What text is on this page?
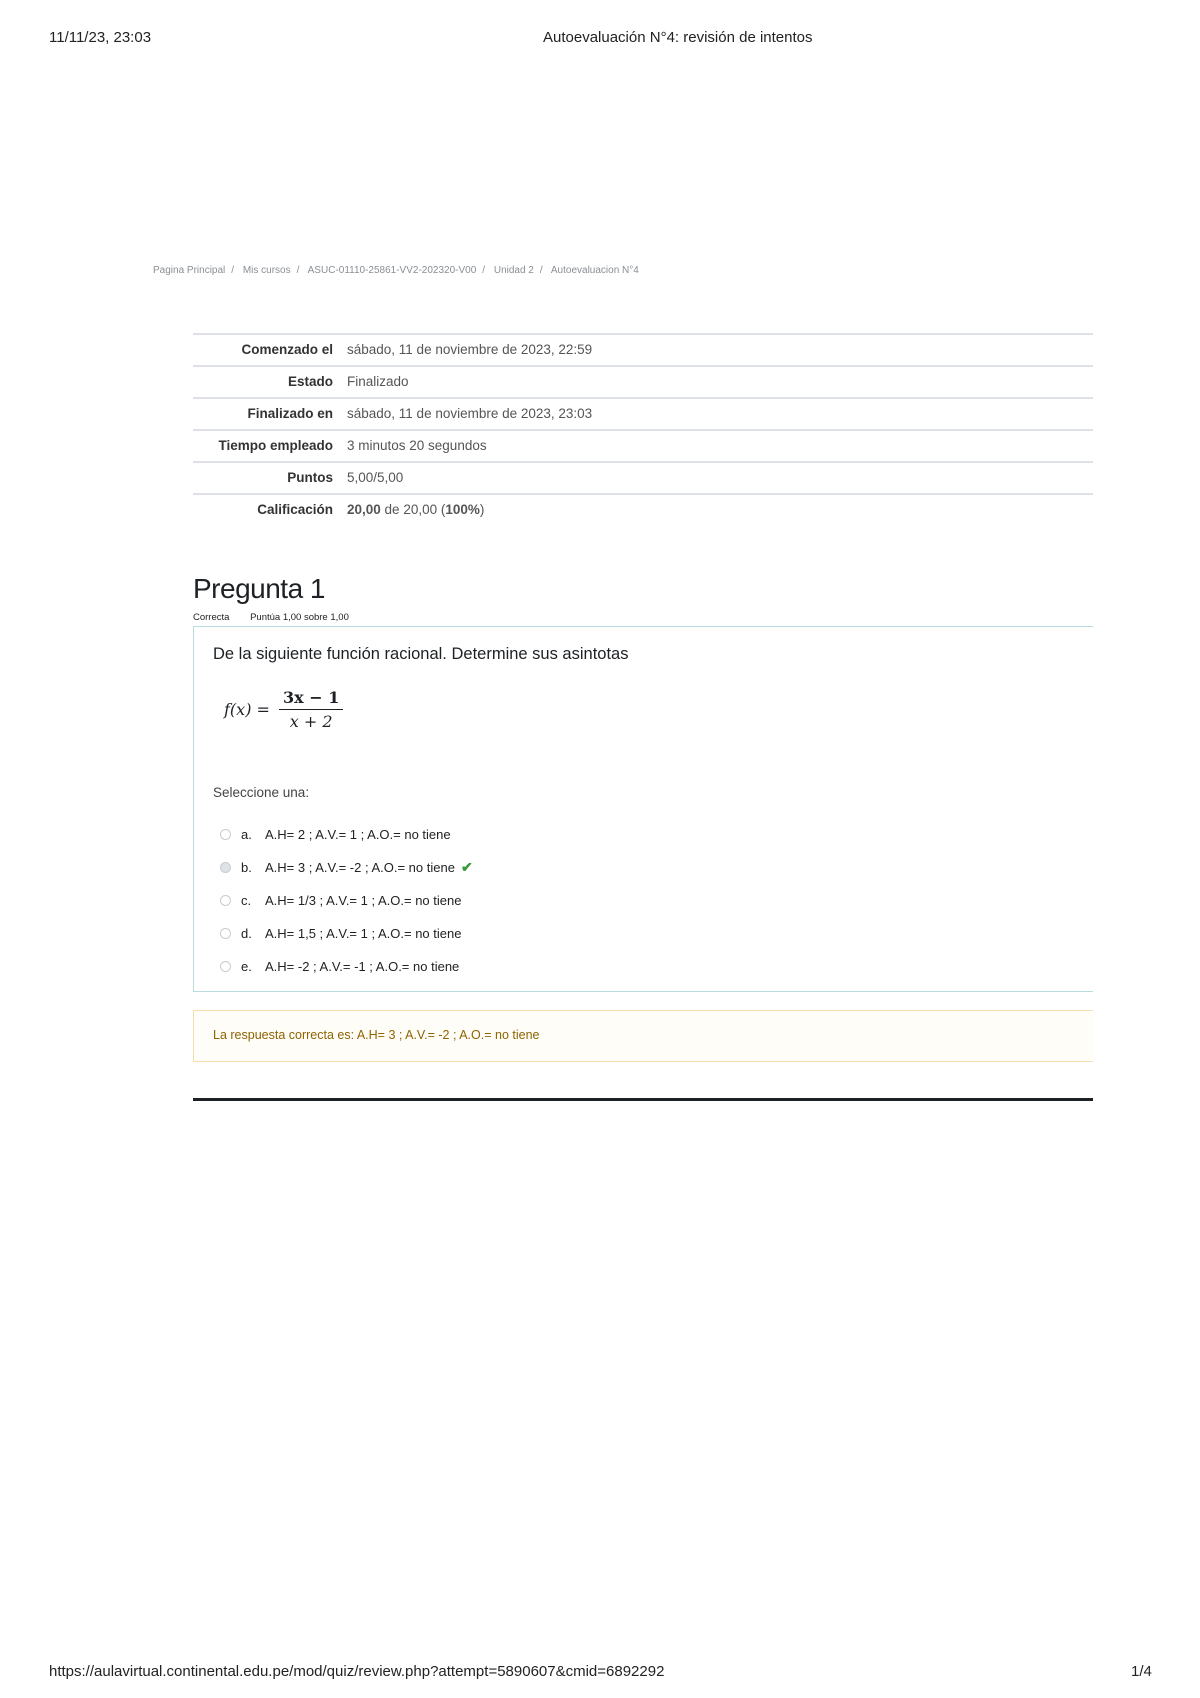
11/11/23, 23:03	Autoevaluación N°4: revisión de intentos
Pagina Principal / Mis cursos / ASUC-01110-25861-VV2-202320-V00 / Unidad 2 / Autoevaluacion N°4
Comenzado el	sábado, 11 de noviembre de 2023, 22:59
Estado	Finalizado
Finalizado en	sábado, 11 de noviembre de 2023, 23:03
Tiempo empleado	3 minutos 20 segundos
Puntos	5,00/5,00
Calificación	20,00 de 20,00 (100%)
Pregunta 1
Correcta Puntúa 1,00 sobre 1,00
De la siguiente función racional. Determine sus asintotas
$f(x) = \frac{3x - 1}{x + 2}$
Seleccione una:
a.	A.H= 2 ; A.V.= 1 ; A.O.= no tiene
b.	A.H= 3 ; A.V.= -2 ; A.O.= no tiene ✔
c.	A.H= 1/3 ; A.V.= 1 ; A.O.= no tiene
d.	A.H= 1,5 ; A.V.= 1 ; A.O.= no tiene
e.	A.H= -2 ; A.V.= -1 ; A.O.= no tiene
La respuesta correcta es: A.H= 3 ; A.V.= -2 ; A.O.= no tiene
https://aulavirtual.continental.edu.pe/mod/quiz/review.php?attempt=5890607&cmid=6892292	1/4
